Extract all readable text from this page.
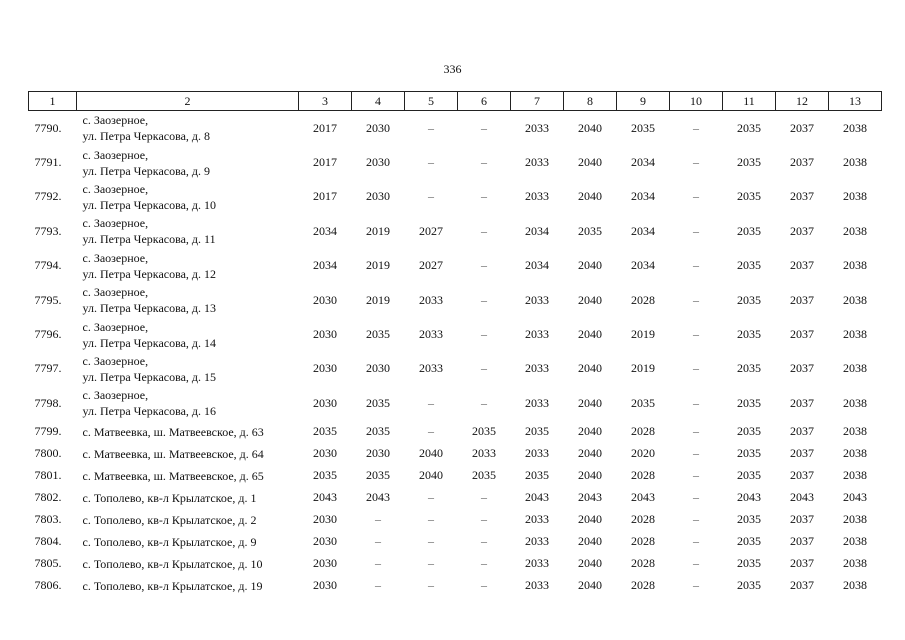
336
1	2	3	4	5	6	7	8	9	10	11	12	13
7790.	с. Заозерное,
ул. Петра Черкасова, д. 8	2017	2030	–	–	2033	2040	2035	–	2035	2037	2038
7791.	с. Заозерное,
ул. Петра Черкасова, д. 9	2017	2030	–	–	2033	2040	2034	–	2035	2037	2038
7792.	с. Заозерное,
ул. Петра Черкасова, д. 10	2017	2030	–	–	2033	2040	2034	–	2035	2037	2038
7793.	с. Заозерное,
ул. Петра Черкасова, д. 11	2034	2019	2027	–	2034	2035	2034	–	2035	2037	2038
7794.	с. Заозерное,
ул. Петра Черкасова, д. 12	2034	2019	2027	–	2034	2040	2034	–	2035	2037	2038
7795.	с. Заозерное,
ул. Петра Черкасова, д. 13	2030	2019	2033	–	2033	2040	2028	–	2035	2037	2038
7796.	с. Заозерное,
ул. Петра Черкасова, д. 14	2030	2035	2033	–	2033	2040	2019	–	2035	2037	2038
7797.	с. Заозерное,
ул. Петра Черкасова, д. 15	2030	2030	2033	–	2033	2040	2019	–	2035	2037	2038
7798.	с. Заозерное,
ул. Петра Черкасова, д. 16	2030	2035	–	–	2033	2040	2035	–	2035	2037	2038
7799.	с. Матвеевка, ш. Матвеевское, д. 63	2035	2035	–	2035	2035	2040	2028	–	2035	2037	2038
7800.	с. Матвеевка, ш. Матвеевское, д. 64	2030	2030	2040	2033	2033	2040	2020	–	2035	2037	2038
7801.	с. Матвеевка, ш. Матвеевское, д. 65	2035	2035	2040	2035	2035	2040	2028	–	2035	2037	2038
7802.	с. Тополево, кв-л Крылатское, д. 1	2043	2043	–	–	2043	2043	2043	–	2043	2043	2043
7803.	с. Тополево, кв-л Крылатское, д. 2	2030	–	–	–	2033	2040	2028	–	2035	2037	2038
7804.	с. Тополево, кв-л Крылатское, д. 9	2030	–	–	–	2033	2040	2028	–	2035	2037	2038
7805.	с. Тополево, кв-л Крылатское, д. 10	2030	–	–	–	2033	2040	2028	–	2035	2037	2038
7806.	с. Тополево, кв-л Крылатское, д. 19	2030	–	–	–	2033	2040	2028	–	2035	2037	2038
